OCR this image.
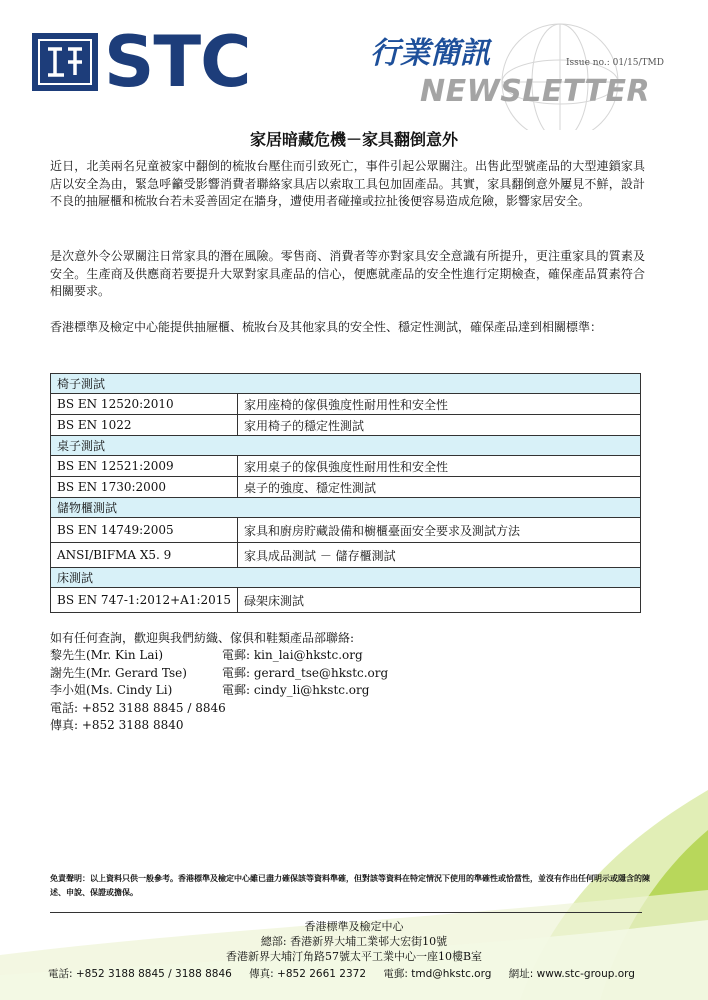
STC	行業簡訊	Issue no.: 01/15/TMD
NEWSLETTER
家居暗藏危機－家具翻倒意外

近日，北美兩名兒童被家中翻倒的梳妝台壓住而引致死亡，事件引起公眾關注。出售此型號產品的大型連鎖家具店以安全為由，緊急呼籲受影響消費者聯絡家具店以索取工具包加固產品。其實，家具翻倒意外屢見不鮮，設計不良的抽屜櫃和梳妝台若未妥善固定在牆身，遭使用者碰撞或拉扯後便容易造成危險，影響家居安全。

是次意外令公眾關注日常家具的潛在風險。零售商、消費者等亦對家具安全意識有所提升，更注重家具的質素及安全。生產商及供應商若要提升大眾對家具產品的信心，便應就產品的安全性進行定期檢查，確保產品質素符合相關要求。

香港標準及檢定中心能提供抽屜櫃、梳妝台及其他家具的安全性、穩定性測試，確保產品達到相關標準：

椅子測試	
BS EN 12520:2010	家用座椅的傢俱強度性耐用性和安全性
BS EN 1022	家用椅子的穩定性測試
桌子測試	
BS EN 12521:2009	家用桌子的傢俱強度性耐用性和安全性
BS EN 1730:2000	桌子的強度、穩定性測試
儲物櫃測試	
BS EN 14749:2005	家具和廚房貯藏設備和櫥櫃臺面安全要求及測試方法
ANSI/BIFMA X5. 9	家具成品測試 － 儲存櫃測試
床測試	
BS EN 747-1:2012+A1:2015	碌架床測試
如有任何查詢，歡迎與我們紡織、傢俱和鞋類產品部聯絡:
黎先生(Mr. Kin Lai)	電郵: kin_lai@hkstc.org
謝先生(Mr. Gerard Tse)	電郵: gerard_tse@hkstc.org
李小姐(Ms. Cindy Li)	電郵: cindy_li@hkstc.org
電話: +852 3188 8845 / 8846
傳真: +852 3188 8840

免責聲明：以上資料只供一般參考。香港標準及檢定中心雖已盡力確保該等資料準確，但對該等資料在特定情況下使用的準確性或恰當性，並沒有作出任何明示或隱含的陳述、申說、保證或擔保。

香港標準及檢定中心
總部: 香港新界大埔工業邨大宏街10號
香港新界大埔汀角路57號太平工業中心一座10樓B室
電話: +852 3188 8845 / 3188 8846 傳真: +852 2661 2372 電郵: tmd@hkstc.org 網址: www.stc-group.org
